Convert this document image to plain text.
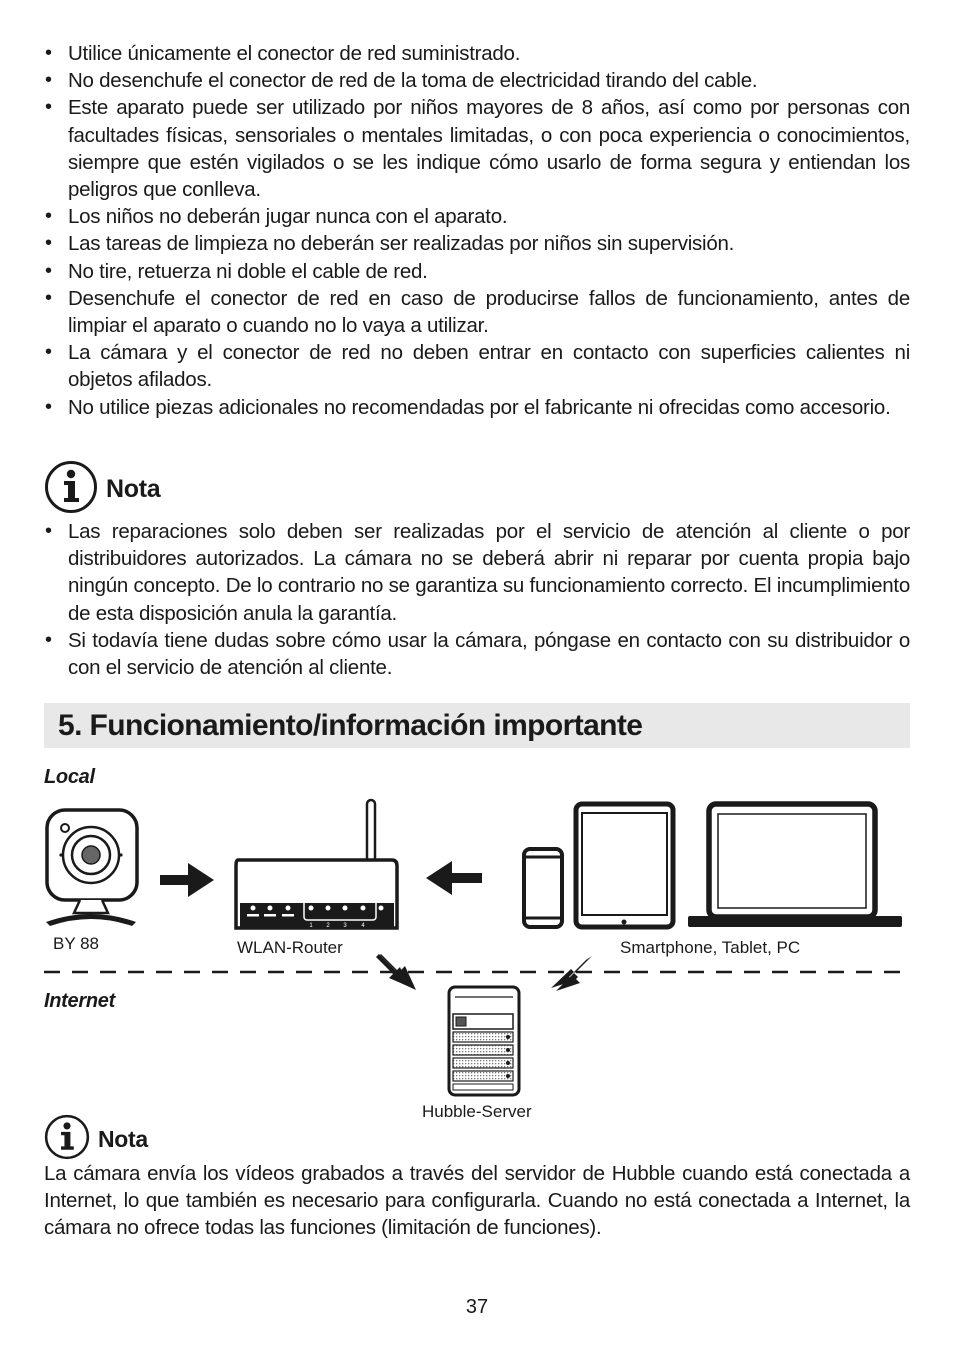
• Utilice únicamente el conector de red suministrado.
• No desenchufe el conector de red de la toma de electricidad tirando del cable.
• Este aparato puede ser utilizado por niños mayores de 8 años, así como por personas con facultades físicas, sensoriales o mentales limitadas, o con poca experiencia o conocimientos, siempre que estén vigilados o se les indique cómo usarlo de forma segura y entiendan los peligros que conlleva.
• Los niños no deberán jugar nunca con el aparato.
• Las tareas de limpieza no deberán ser realizadas por niños sin supervisión.
• No tire, retuerza ni doble el cable de red.
• Desenchufe el conector de red en caso de producirse fallos de funcionamiento, antes de limpiar el aparato o cuando no lo vaya a utilizar.
• La cámara y el conector de red no deben entrar en contacto con superficies calientes ni objetos afilados.
• No utilice piezas adicionales no recomendadas por el fabricante ni ofrecidas como accesorio.
Nota
• Las reparaciones solo deben ser realizadas por el servicio de atención al cliente o por distribuidores autorizados. La cámara no se deberá abrir ni reparar por cuenta propia bajo ningún concepto. De lo contrario no se garantiza su funcionamiento correcto. El incumplimiento de esta disposición anula la garantía.
• Si todavía tiene dudas sobre cómo usar la cámara, póngase en contacto con su distribuidor o con el servicio de atención al cliente.
5. Funcionamiento/información importante
1 2 3 4
Local
Internet
BY 88	WLAN-Router	Smartphone, Tablet, PC
Hubble-Server
Nota

La cámara envía los vídeos grabados a través del servidor de Hubble cuando está conectada a Internet, lo que también es necesario para configurarla. Cuando no está conectada a Internet, la cámara no ofrece todas las funciones (limitación de funciones).

37
